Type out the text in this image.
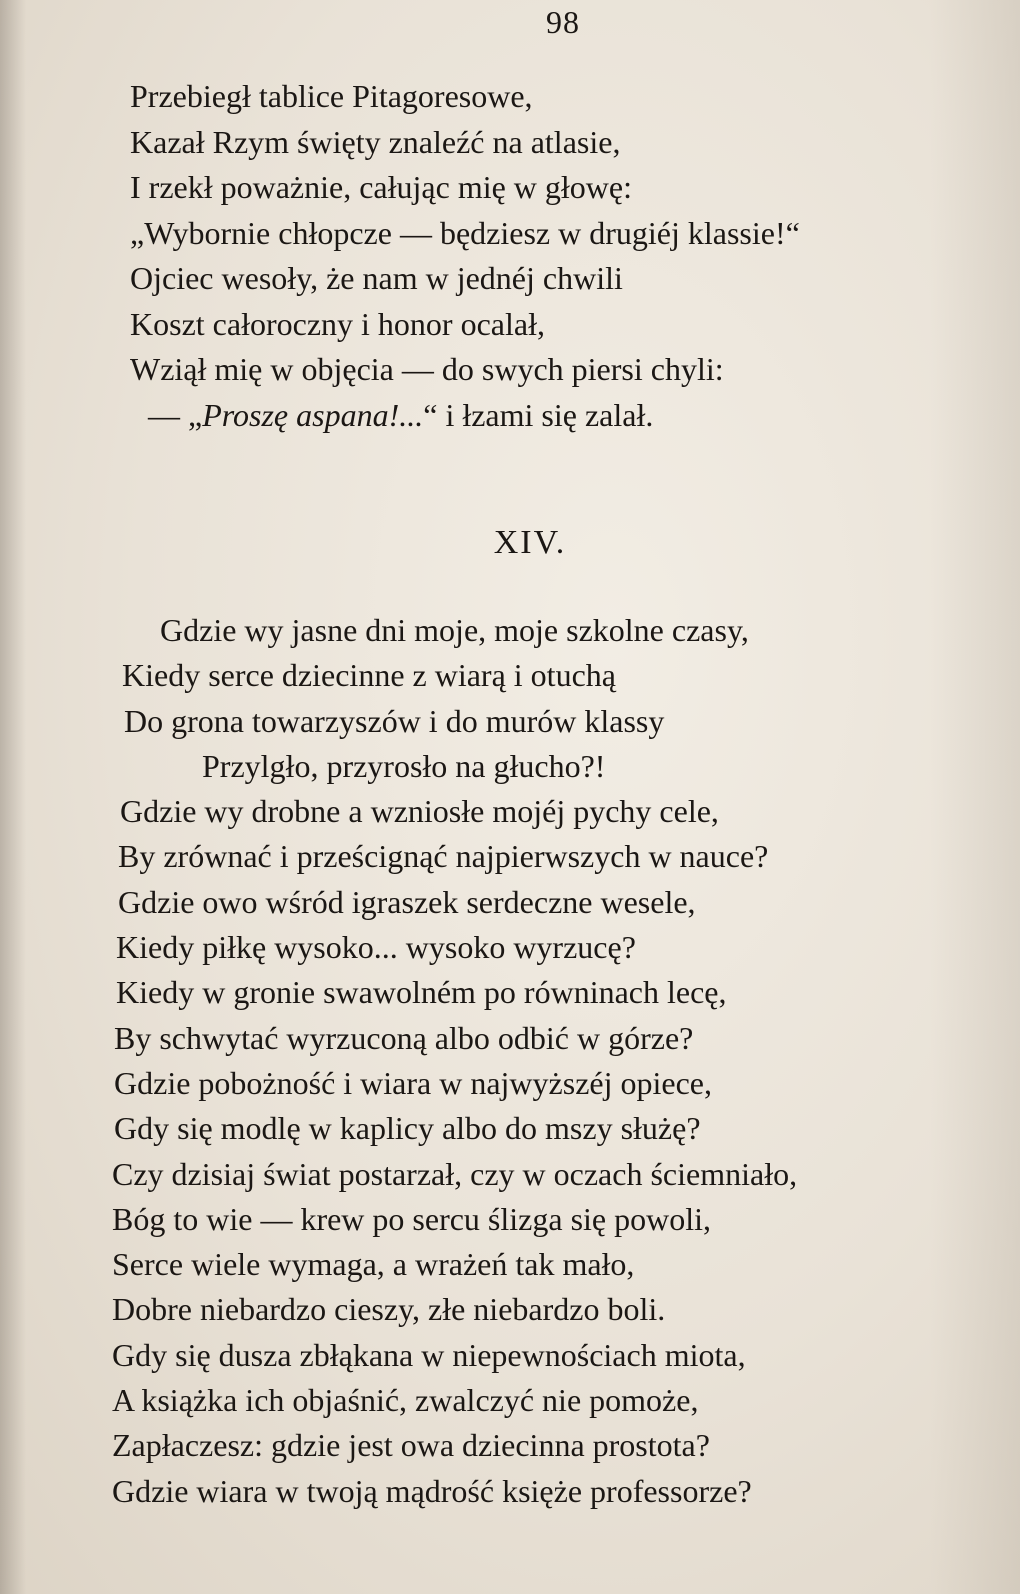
98
Przebiegł tablice Pitagoresowe,
Kazał Rzym święty znaleźć na atlasie,
I rzekł poważnie, całując mię w głowę:
„Wybornie chłopcze — będziesz w drugiéj klassie!“
Ojciec wesoły, że nam w jednéj chwili
Koszt całoroczny i honor ocalał,
Wziął mię w objęcia — do swych piersi chyli:
— „Proszę aspana!...“ i łzami się zalał.
XIV.
Gdzie wy jasne dni moje, moje szkolne czasy,
Kiedy serce dziecinne z wiarą i otuchą
Do grona towarzyszów i do murów klassy
Przylgło, przyrosło na głucho?!
Gdzie wy drobne a wzniosłe mojéj pychy cele,
By zrównać i prześcignąć najpierwszych w nauce?
Gdzie owo wśród igraszek serdeczne wesele,
Kiedy piłkę wysoko... wysoko wyrzucę?
Kiedy w gronie swawolném po równinach lecę,
By schwytać wyrzuconą albo odbić w górze?
Gdzie pobożność i wiara w najwyższéj opiece,
Gdy się modlę w kaplicy albo do mszy służę?
Czy dzisiaj świat postarzał, czy w oczach ściemniało,
Bóg to wie — krew po sercu ślizga się powoli,
Serce wiele wymaga, a wrażeń tak mało,
Dobre niebardzo cieszy, złe niebardzo boli.
Gdy się dusza zbłąkana w niepewnościach miota,
A książka ich objaśnić, zwalczyć nie pomoże,
Zapłaczesz: gdzie jest owa dziecinna prostota?
Gdzie wiara w twoją mądrość księże professorze?
